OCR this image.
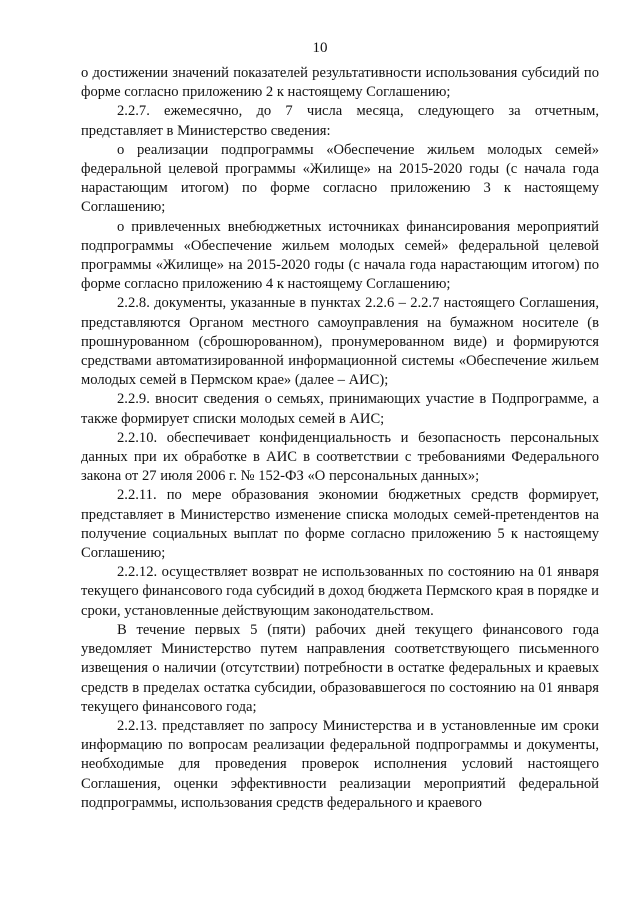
10

о достижении значений показателей результативности использования субсидий по форме согласно приложению 2 к настоящему Соглашению;

2.2.7. ежемесячно, до 7 числа месяца, следующего за отчетным, представляет в Министерство сведения:

о реализации подпрограммы «Обеспечение жильем молодых семей» федеральной целевой программы «Жилище» на 2015-2020 годы (с начала года нарастающим итогом) по форме согласно приложению 3 к настоящему Соглашению;

о привлеченных внебюджетных источниках финансирования мероприятий подпрограммы «Обеспечение жильем молодых семей» федеральной целевой программы «Жилище» на 2015-2020 годы (с начала года нарастающим итогом) по форме согласно приложению 4 к настоящему Соглашению;

2.2.8. документы, указанные в пунктах 2.2.6 – 2.2.7 настоящего Соглашения, представляются Органом местного самоуправления на бумажном носителе (в прошнурованном (сброшюрованном), пронумерованном виде) и формируются средствами автоматизированной информационной системы «Обеспечение жильем молодых семей в Пермском крае» (далее – АИС);

2.2.9. вносит сведения о семьях, принимающих участие в Подпрограмме, а также формирует списки молодых семей в АИС;

2.2.10. обеспечивает конфиденциальность и безопасность персональных данных при их обработке в АИС в соответствии с требованиями Федерального закона от 27 июля 2006 г. № 152-ФЗ «О персональных данных»;

2.2.11. по мере образования экономии бюджетных средств формирует, представляет в Министерство изменение списка молодых семей-претендентов на получение социальных выплат по форме согласно приложению 5 к настоящему Соглашению;

2.2.12. осуществляет возврат не использованных по состоянию на 01 января текущего финансового года субсидий в доход бюджета Пермского края в порядке и сроки, установленные действующим законодательством.

В течение первых 5 (пяти) рабочих дней текущего финансового года уведомляет Министерство путем направления соответствующего письменного извещения о наличии (отсутствии) потребности в остатке федеральных и краевых средств в пределах остатка субсидии, образовавшегося по состоянию на 01 января текущего финансового года;

2.2.13. представляет по запросу Министерства и в установленные им сроки информацию по вопросам реализации федеральной подпрограммы и документы, необходимые для проведения проверок исполнения условий настоящего Соглашения, оценки эффективности реализации мероприятий федеральной подпрограммы, использования средств федерального и краевого
